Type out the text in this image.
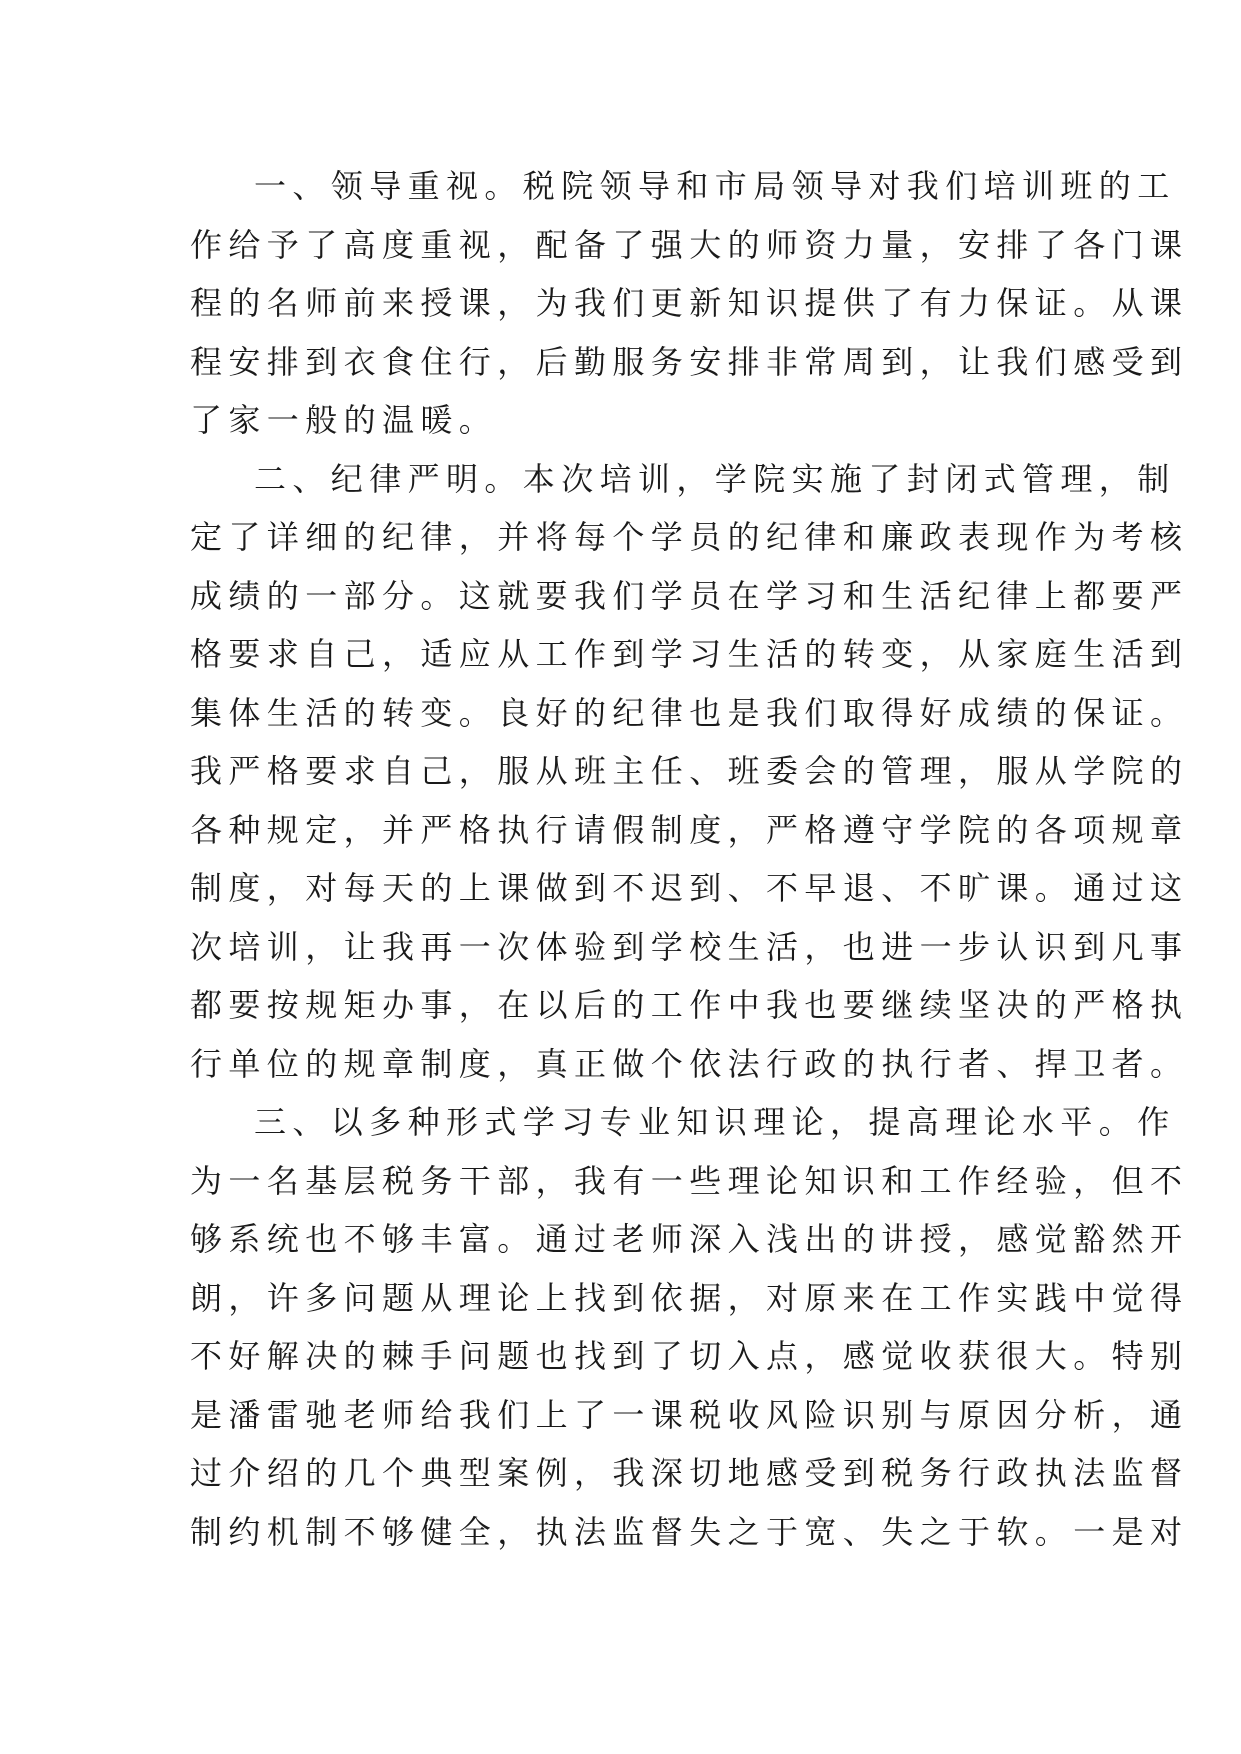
一、领导重视。税院领导和市局领导对我们培训班的工
作给予了高度重视，配备了强大的师资力量，安排了各门课
程的名师前来授课，为我们更新知识提供了有力保证。从课
程安排到衣食住行，后勤服务安排非常周到，让我们感受到
了家一般的温暖。
二、纪律严明。本次培训，学院实施了封闭式管理，制
定了详细的纪律，并将每个学员的纪律和廉政表现作为考核
成绩的一部分。这就要我们学员在学习和生活纪律上都要严
格要求自己，适应从工作到学习生活的转变，从家庭生活到
集体生活的转变。良好的纪律也是我们取得好成绩的保证。
我严格要求自己，服从班主任、班委会的管理，服从学院的
各种规定，并严格执行请假制度，严格遵守学院的各项规章
制度，对每天的上课做到不迟到、不早退、不旷课。通过这
次培训，让我再一次体验到学校生活，也进一步认识到凡事
都要按规矩办事，在以后的工作中我也要继续坚决的严格执
行单位的规章制度，真正做个依法行政的执行者、捍卫者。
三、以多种形式学习专业知识理论，提高理论水平。作
为一名基层税务干部，我有一些理论知识和工作经验，但不
够系统也不够丰富。通过老师深入浅出的讲授，感觉豁然开
朗，许多问题从理论上找到依据，对原来在工作实践中觉得
不好解决的棘手问题也找到了切入点，感觉收获很大。特别
是潘雷驰老师给我们上了一课税收风险识别与原因分析，通
过介绍的几个典型案例，我深切地感受到税务行政执法监督
制约机制不够健全，执法监督失之于宽、失之于软。一是对
